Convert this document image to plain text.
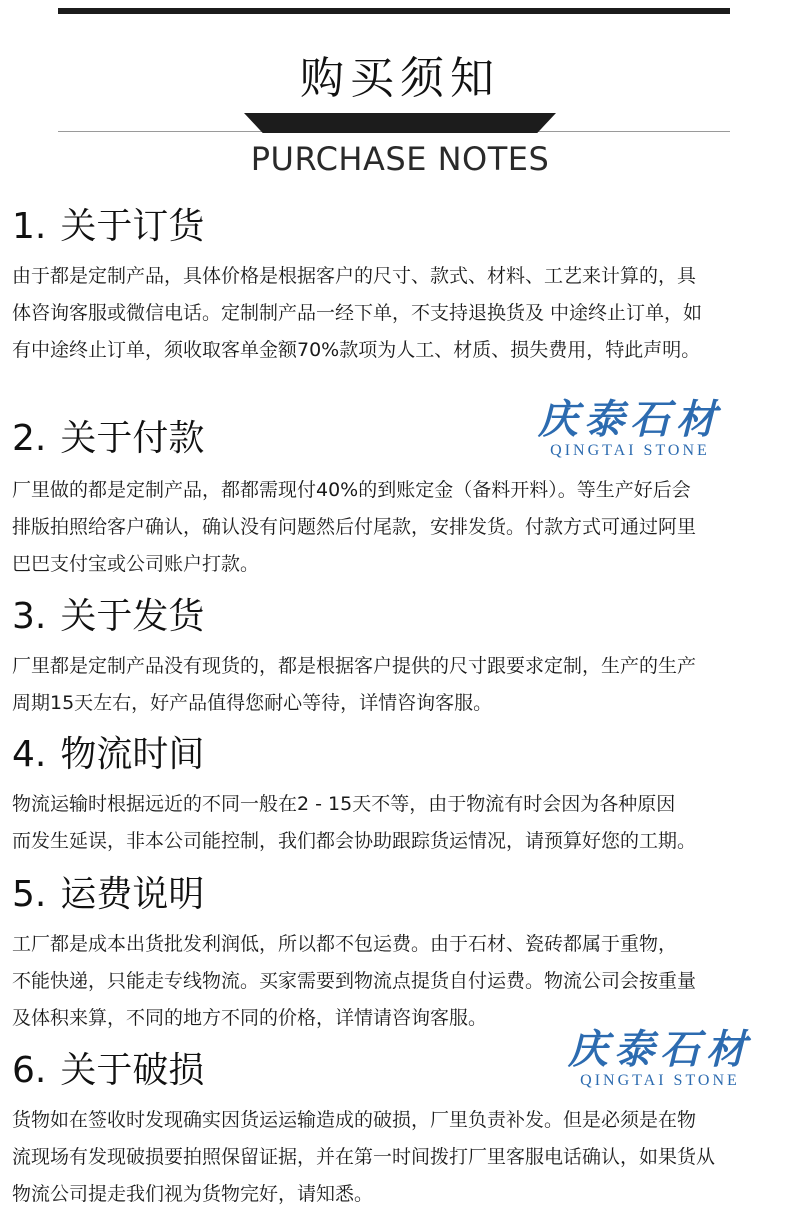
购买须知
PURCHASE NOTES
1. 关于订货
由于都是定制产品，具体价格是根据客户的尺寸、款式、材料、工艺来计算的，具
体咨询客服或微信电话。定制制产品一经下单，不支持退换货及 中途终止订单，如
有中途终止订单，须收取客单金额70%款项为人工、材质、损失费用，特此声明。
2. 关于付款
厂里做的都是定制产品，都都需现付40%的到账定金（备料开料）。等生产好后会
排版拍照给客户确认，确认没有问题然后付尾款，安排发货。付款方式可通过阿里
巴巴支付宝或公司账户打款。
3. 关于发货
厂里都是定制产品没有现货的，都是根据客户提供的尺寸跟要求定制，生产的生产
周期15天左右，好产品值得您耐心等待，详情咨询客服。
4. 物流时间
物流运输时根据远近的不同一般在2 - 15天不等，由于物流有时会因为各种原因
而发生延误，非本公司能控制，我们都会协助跟踪货运情况，请预算好您的工期。
5. 运费说明
工厂都是成本出货批发利润低，所以都不包运费。由于石材、瓷砖都属于重物，
不能快递，只能走专线物流。买家需要到物流点提货自付运费。物流公司会按重量
及体积来算，不同的地方不同的价格，详情请咨询客服。
6. 关于破损
货物如在签收时发现确实因货运运输造成的破损，厂里负责补发。但是必须是在物
流现场有发现破损要拍照保留证据，并在第一时间拨打厂里客服电话确认，如果货从
物流公司提走我们视为货物完好，请知悉。
庆泰石材
QINGTAI STONE
庆泰石材
QINGTAI STONE
